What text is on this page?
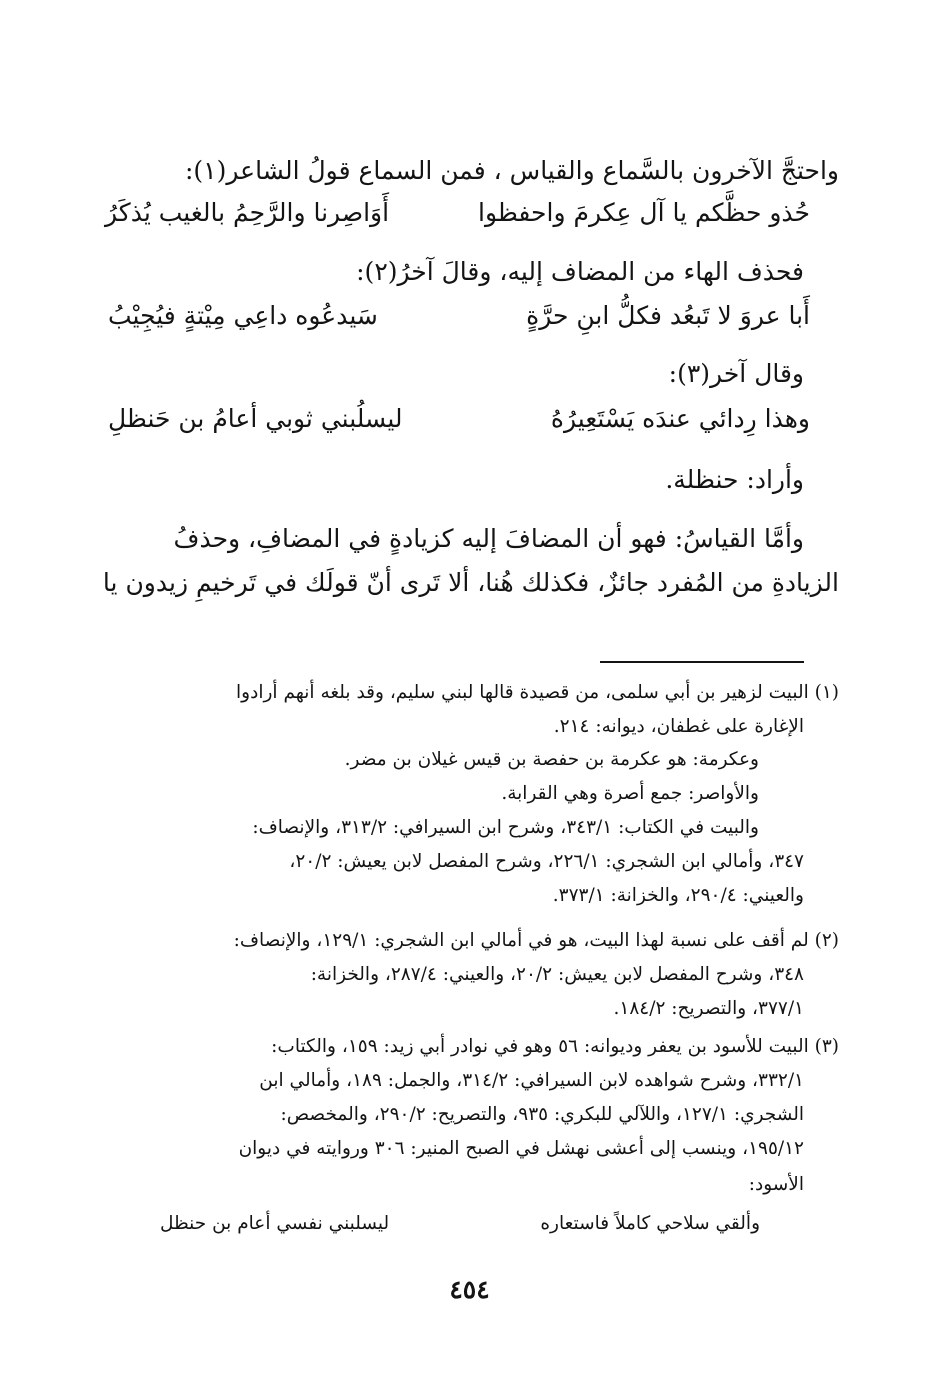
واحتجَّ الآخرون بالسَّماع والقياس ، فمن السماع قولُ الشاعر(١):
حُذو حظَّكم يا آل عِكرمَ واحفظوا
أَوَاصِرنا والرَّحِمُ بالغيب يُذكَرُ
فحذف الهاء من المضاف إليه، وقالَ آخرُ(٢):
أَبا عروَ لا تَبعُد فكلُّ ابنِ حرَّةٍ
سَيدعُوه داعِي مِيْتةٍ فيُجِيْبُ
وقال آخر(٣):
وهذا رِدائي عندَه يَسْتَعِيرُهُ
ليسلُبني ثوبي أعامُ بن حَنظلِ
وأراد: حنظلة.
وأمَّا القياسُ: فهو أن المضافَ إليه كزيادةٍ في المضافِ، وحذفُ
الزيادةِ من المُفرد جائزٌ، فكذلك هُنا، ألا تَرى أنّ قولَك في تَرخيمِ زيدون يا
(١) البيت لزهير بن أبي سلمى، من قصيدة قالها لبني سليم، وقد بلغه أنهم أرادوا
الإغارة على غطفان، ديوانه: ٢١٤.
وعكرمة: هو عكرمة بن حفصة بن قيس غيلان بن مضر.
والأواصر: جمع أصرة وهي القرابة.
والبيت في الكتاب: ٣٤٣/١، وشرح ابن السيرافي: ٣١٣/٢، والإنصاف:
٣٤٧، وأمالي ابن الشجري: ٢٢٦/١، وشرح المفصل لابن يعيش: ٢٠/٢،
والعيني: ٢٩٠/٤، والخزانة: ٣٧٣/١.
(٢) لم أقف على نسبة لهذا البيت، هو في أمالي ابن الشجري: ١٢٩/١، والإنصاف:
٣٤٨، وشرح المفصل لابن يعيش: ٢٠/٢، والعيني: ٢٨٧/٤، والخزانة:
٣٧٧/١، والتصريح: ١٨٤/٢.
(٣) البيت للأسود بن يعفر وديوانه: ٥٦ وهو في نوادر أبي زيد: ١٥٩، والكتاب:
٣٣٢/١، وشرح شواهده لابن السيرافي: ٣١٤/٢، والجمل: ١٨٩، وأمالي ابن
الشجري: ١٢٧/١، واللآلي للبكري: ٩٣٥، والتصريح: ٢٩٠/٢، والمخصص:
١٩٥/١٢، وينسب إلى أعشى نهشل في الصبح المنير: ٣٠٦ وروايته في ديوان
الأسود:
وألقي سلاحي كاملاً فاستعاره
ليسلبني نفسي أعام بن حنظل
٤٥٤
